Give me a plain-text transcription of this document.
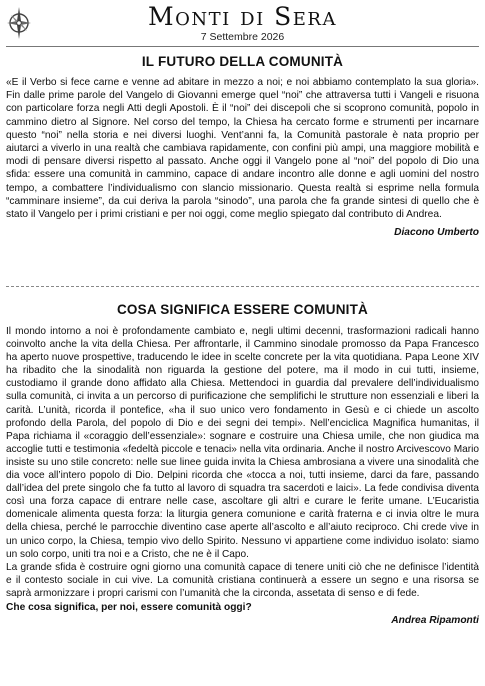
Monti di Sera
7 Settembre 2026
IL FUTURO DELLA COMUNITÀ

«E il Verbo si fece carne e venne ad abitare in mezzo a noi; e noi abbiamo contemplato la sua gloria». Fin dalle prime parole del Vangelo di Giovanni emerge quel “noi” che attraversa tutti i Vangeli e risuona con particolare forza negli Atti degli Apostoli. È il “noi” dei discepoli che si scoprono comunità, popolo in cammino dietro al Signore. Nel corso del tempo, la Chiesa ha cercato forme e strumenti per incarnare questo “noi” nella storia e nei diversi luoghi. Vent’anni fa, la Comunità pastorale è nata proprio per aiutarci a viverlo in una realtà che cambiava rapidamente, con confini più ampi, una maggiore mobilità e modi di pensare diversi rispetto al passato. Anche oggi il Vangelo pone al “noi” del popolo di Dio una sfida: essere una comunità in cammino, capace di andare incontro alle donne e agli uomini del nostro tempo, a combattere l’individualismo con slancio missionario. Questa realtà si esprime nella formula “camminare insieme”, da cui deriva la parola “sinodo”, una parola che fa grande sintesi di quello che è stato il Vangelo per i primi cristiani e per noi oggi, come meglio spiegato dal contributo di Andrea.

Diacono Umberto

COSA SIGNIFICA ESSERE COMUNITÀ

Il mondo intorno a noi è profondamente cambiato e, negli ultimi decenni, trasformazioni radicali hanno coinvolto anche la vita della Chiesa. Per affrontarle, il Cammino sinodale promosso da Papa Francesco ha aperto nuove prospettive, traducendo le idee in scelte concrete per la vita quotidiana. Papa Leone XIV ha ribadito che la sinodalità non riguarda la gestione del potere, ma il modo in cui tutti, insieme, custodiamo il grande dono affidato alla Chiesa. Mettendoci in guardia dal prevalere dell’individualismo sulla comunità, ci invita a un percorso di purificazione che semplifichi le strutture non essenziali e liberi la carità. L’unità, ricorda il pontefice, «ha il suo unico vero fondamento in Gesù e ci chiede un ascolto profondo della Parola, del popolo di Dio e dei segni dei tempi». Nell’enciclica Magnifica humanitas, il Papa richiama il «coraggio dell’essenziale»: sognare e costruire una Chiesa umile, che non giudica ma accoglie tutti e testimonia «fedeltà piccole e tenaci» nella vita ordinaria. Anche il nostro Arcivescovo Mario insiste su uno stile concreto: nelle sue linee guida invita la Chiesa ambrosiana a vivere una sinodalità che dia voce all’intero popolo di Dio. Delpini ricorda che «tocca a noi, tutti insieme, darci da fare, passando dall’idea del prete singolo che fa tutto al lavoro di squadra tra sacerdoti e laici». La fede condivisa diventa così una forza capace di entrare nelle case, ascoltare gli altri e curare le ferite umane. L’Eucaristia domenicale alimenta questa forza: la liturgia genera comunione e carità fraterna e ci invia oltre le mura della chiesa, perché le parrocchie diventino case aperte all’ascolto e all’aiuto reciproco. Chi crede vive in un unico corpo, la Chiesa, tempio vivo dello Spirito. Nessuno vi appartiene come individuo isolato: siamo un solo corpo, uniti tra noi e a Cristo, che ne è il Capo.

La grande sfida è costruire ogni giorno una comunità capace di tenere uniti ciò che ne definisce l’identità e il contesto sociale in cui vive. La comunità cristiana continuerà a essere un segno e una risorsa se saprà armonizzare i propri carismi con l’umanità che la circonda, assetata di senso e di fede.

Che cosa significa, per noi, essere comunità oggi?

Andrea Ripamonti
